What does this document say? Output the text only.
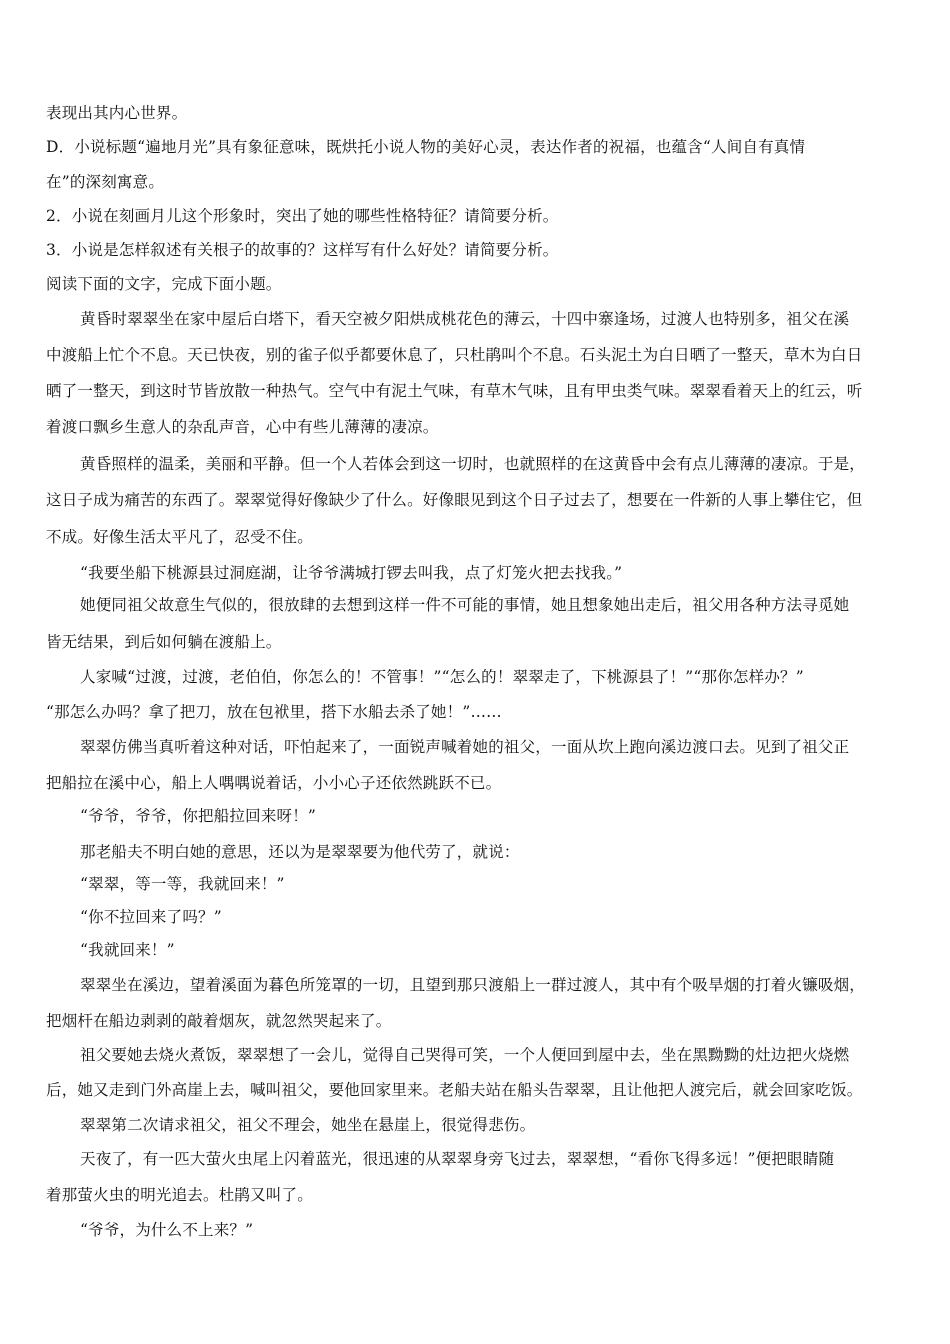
表现出其内心世界。
D．小说标题“遍地月光”具有象征意味，既烘托小说人物的美好心灵，表达作者的祝福，也蕴含“人间自有真情
在”的深刻寓意。
2．小说在刻画月儿这个形象时，突出了她的哪些性格特征？请简要分析。
3．小说是怎样叙述有关根子的故事的？这样写有什么好处？请简要分析。
阅读下面的文字，完成下面小题。
黄昏时翠翠坐在家中屋后白塔下，看天空被夕阳烘成桃花色的薄云，十四中寨逢场，过渡人也特别多，祖父在溪
中渡船上忙个不息。天已快夜，别的雀子似乎都要休息了，只杜鹃叫个不息。石头泥土为白日晒了一整天，草木为白日
晒了一整天，到这时节皆放散一种热气。空气中有泥土气味，有草木气味，且有甲虫类气味。翠翠看着天上的红云，听
着渡口飘乡生意人的杂乱声音，心中有些儿薄薄的凄凉。
黄昏照样的温柔，美丽和平静。但一个人若体会到这一切时，也就照样的在这黄昏中会有点儿薄薄的凄凉。于是，
这日子成为痛苦的东西了。翠翠觉得好像缺少了什么。好像眼见到这个日子过去了，想要在一件新的人事上攀住它，但
不成。好像生活太平凡了，忍受不住。
“我要坐船下桃源县过洞庭湖，让爷爷满城打锣去叫我，点了灯笼火把去找我。”
她便同祖父故意生气似的，很放肆的去想到这样一件不可能的事情，她且想象她出走后，祖父用各种方法寻觅她
皆无结果，到后如何躺在渡船上。
人家喊“过渡，过渡，老伯伯，你怎么的！不管事！”“怎么的！翠翠走了，下桃源县了！”“那你怎样办？”
“那怎么办吗？拿了把刀，放在包袱里，搭下水船去杀了她！”……
翠翠仿佛当真听着这种对话，吓怕起来了，一面锐声喊着她的祖父，一面从坎上跑向溪边渡口去。见到了祖父正
把船拉在溪中心，船上人喁喁说着话，小小心子还依然跳跃不已。
“爷爷，爷爷，你把船拉回来呀！”
那老船夫不明白她的意思，还以为是翠翠要为他代劳了，就说：
“翠翠，等一等，我就回来！”
“你不拉回来了吗？”
“我就回来！”
翠翠坐在溪边，望着溪面为暮色所笼罩的一切，且望到那只渡船上一群过渡人，其中有个吸旱烟的打着火镰吸烟，
把烟杆在船边剥剥的敲着烟灰，就忽然哭起来了。
祖父要她去烧火煮饭，翠翠想了一会儿，觉得自己哭得可笑，一个人便回到屋中去，坐在黑黝黝的灶边把火烧燃
后，她又走到门外高崖上去，喊叫祖父，要他回家里来。老船夫站在船头告翠翠，且让他把人渡完后，就会回家吃饭。
翠翠第二次请求祖父，祖父不理会，她坐在悬崖上，很觉得悲伤。
天夜了，有一匹大萤火虫尾上闪着蓝光，很迅速的从翠翠身旁飞过去，翠翠想，“看你飞得多远！”便把眼睛随
着那萤火虫的明光追去。杜鹃又叫了。
“爷爷，为什么不上来？”
